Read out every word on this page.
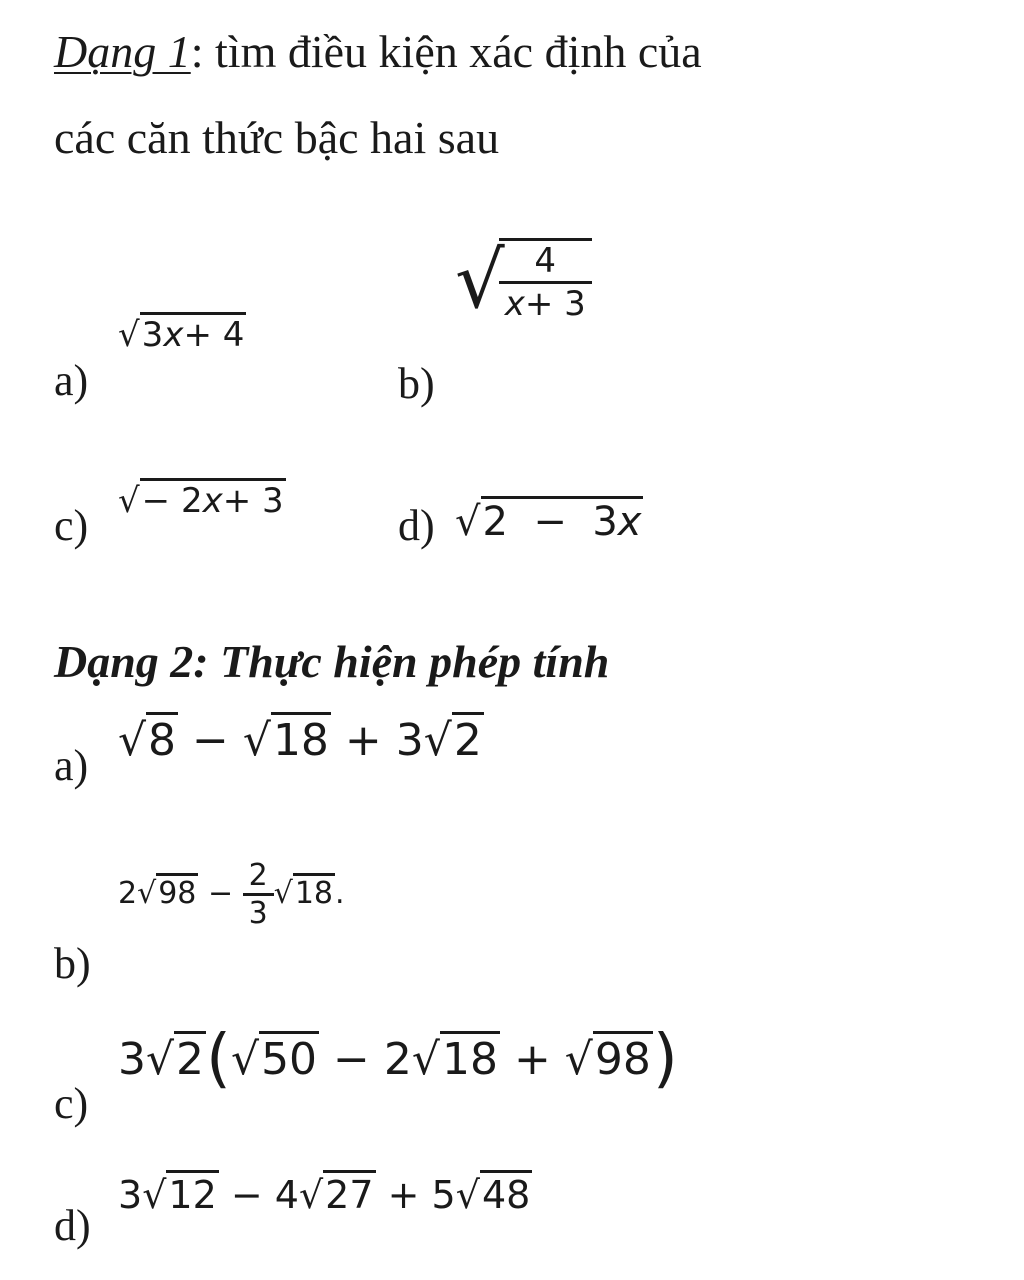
Dạng 1: tìm điều kiện xác định của
các căn thức bậc hai sau
a)
√3x+ 4
b)
√
$\frac{4}{x+ 3}$
c) √− 2x+ 3	d) √2  −  3x
Dạng 2: Thực hiện phép tính
a) √8 − √18 + 3√2
b)
$2√98 - \frac{2}{3} √18$.
c)
3√2(√50 − 2√18 + √98)
d)
3√12 − 4√27 + 5√48
